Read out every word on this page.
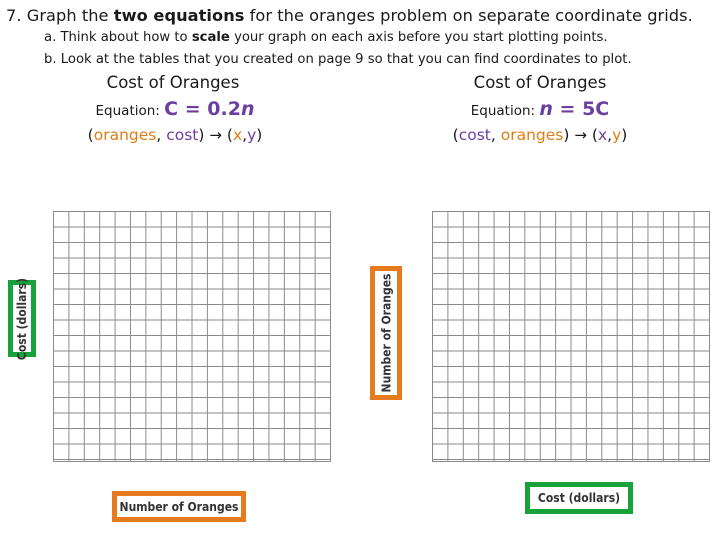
7. Graph the two equations for the oranges problem on separate coordinate grids.
a. Think about how to scale your graph on each axis before you start plotting points.
b. Look at the tables that you created on page 9 so that you can find coordinates to plot.
Cost of Oranges
Equation: C = 0.2n
(oranges, cost) → (x,y)
Cost (dollars)
Number of Oranges
Cost of Oranges
Equation: n = 5C
(cost, oranges) → (x,y)
Number of Oranges
Cost (dollars)
